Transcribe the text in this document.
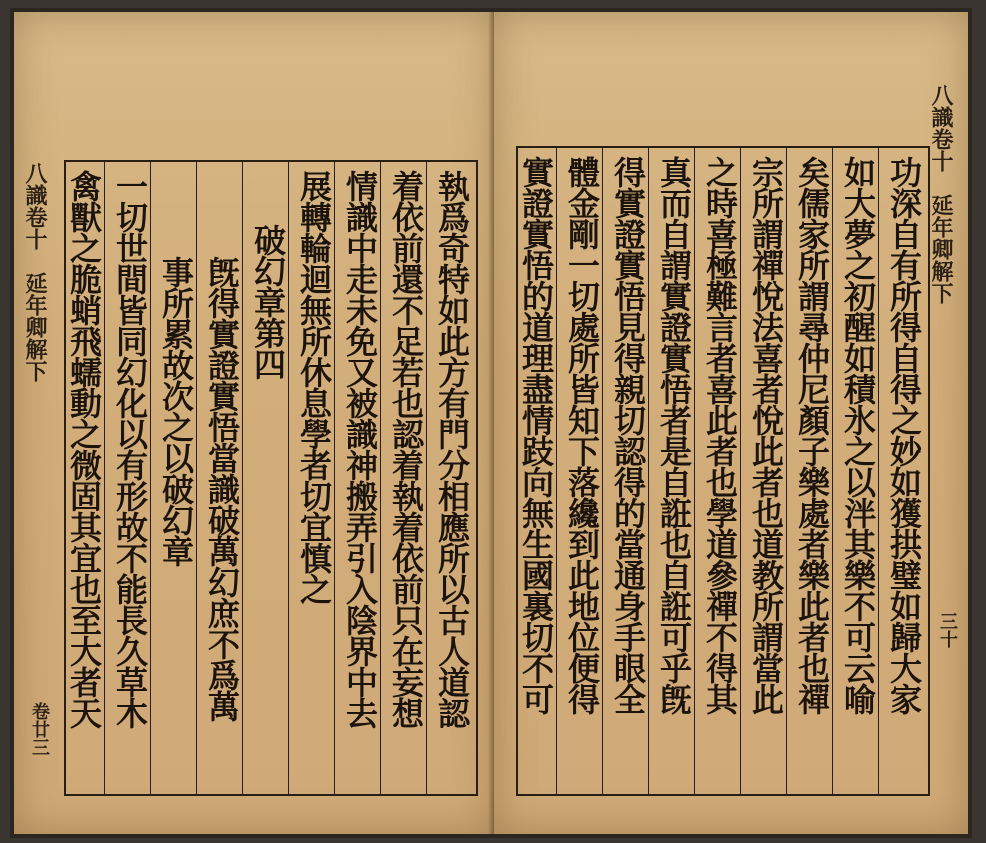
八識卷十　延年卿解下
卷廿三
執爲奇特如此方有門分相應所以古人道認
着依前還不足若也認着執着依前只在妄想
情識中走未免又被識神搬弄引入陰界中去
展轉輪迴無所休息學者切宜慎之
破幻章第四
旣得實證實悟當識破萬幻庶不爲萬
事所累故次之以破幻章
一切世間皆同幻化以有形故不能長久草木
禽獸之脆蛸飛蠕動之微固其宜也至大者天	八識卷十　延年卿解下
三十
功深自有所得自得之妙如獲拱璧如歸大家
如大夢之初醒如積氷之以泮其樂不可云喻
矣儒家所謂尋仲尼顏子樂處者樂此者也禪
宗所謂禪悅法喜者悅此者也道教所謂當此
之時喜極難言者喜此者也學道參禪不得其
真而自謂實證實悟者是自誑也自誑可乎旣
得實證實悟見得親切認得的當通身手眼全
體金剛一切處所皆知下落纔到此地位便得
實證實悟的道理盡情跂向無生國裏切不可
